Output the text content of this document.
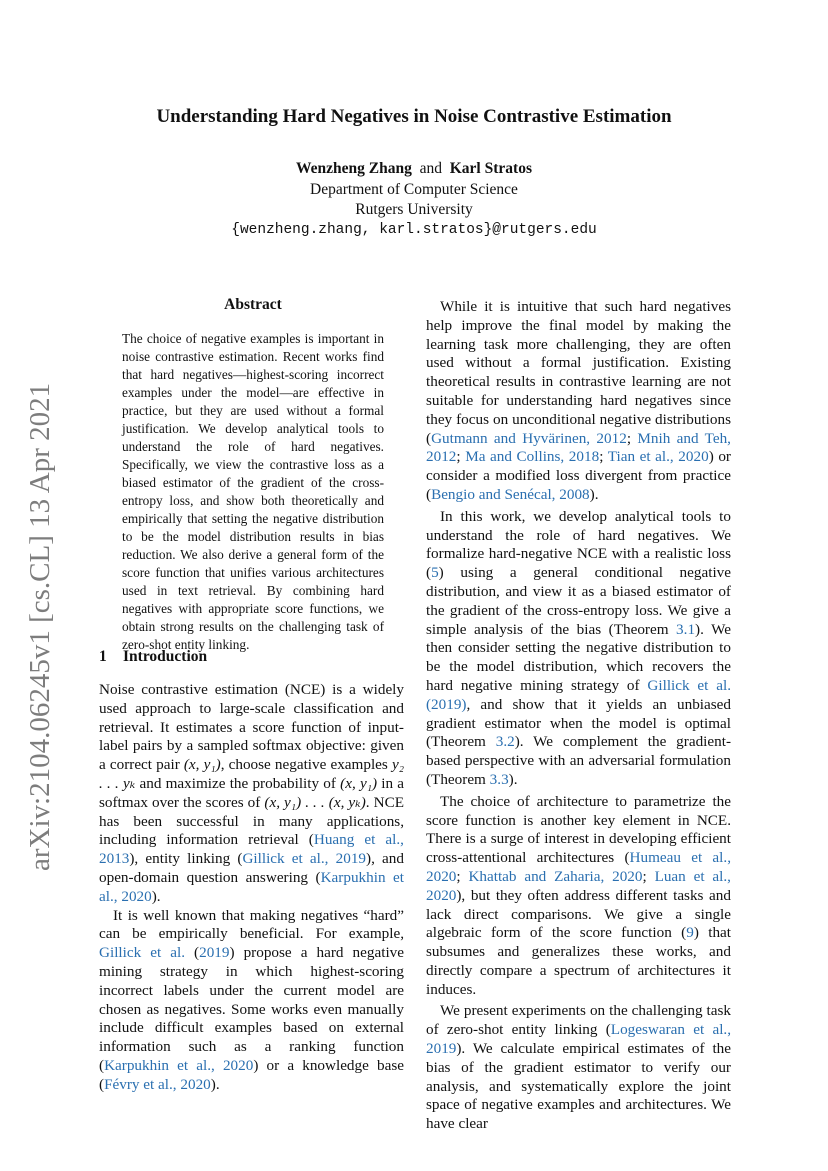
arXiv:2104.06245v1 [cs.CL] 13 Apr 2021
Understanding Hard Negatives in Noise Contrastive Estimation
Wenzheng Zhang and Karl Stratos
Department of Computer Science
Rutgers University
{wenzheng.zhang, karl.stratos}@rutgers.edu
Abstract
The choice of negative examples is important in noise contrastive estimation. Recent works find that hard negatives—highest-scoring incorrect examples under the model—are effective in practice, but they are used without a formal justification. We develop analytical tools to understand the role of hard negatives. Specifically, we view the contrastive loss as a biased estimator of the gradient of the cross-entropy loss, and show both theoretically and empirically that setting the negative distribution to be the model distribution results in bias reduction. We also derive a general form of the score function that unifies various architectures used in text retrieval. By combining hard negatives with appropriate score functions, we obtain strong results on the challenging task of zero-shot entity linking.
1 Introduction

Noise contrastive estimation (NCE) is a widely used approach to large-scale classification and retrieval. It estimates a score function of input-label pairs by a sampled softmax objective: given a correct pair (x, y₁), choose negative examples y₂ . . . yₖ and maximize the probability of (x, y₁) in a softmax over the scores of (x, y₁) . . . (x, yₖ). NCE has been successful in many applications, including information retrieval (Huang et al., 2013), entity linking (Gillick et al., 2019), and open-domain question answering (Karpukhin et al., 2020).

It is well known that making negatives “hard” can be empirically beneficial. For example, Gillick et al. (2019) propose a hard negative mining strategy in which highest-scoring incorrect labels under the current model are chosen as negatives. Some works even manually include difficult examples based on external information such as a ranking function (Karpukhin et al., 2020) or a knowledge base (Févry et al., 2020).

While it is intuitive that such hard negatives help improve the final model by making the learning task more challenging, they are often used without a formal justification. Existing theoretical results in contrastive learning are not suitable for understanding hard negatives since they focus on unconditional negative distributions (Gutmann and Hyvärinen, 2012; Mnih and Teh, 2012; Ma and Collins, 2018; Tian et al., 2020) or consider a modified loss divergent from practice (Bengio and Senécal, 2008).

In this work, we develop analytical tools to understand the role of hard negatives. We formalize hard-negative NCE with a realistic loss (5) using a general conditional negative distribution, and view it as a biased estimator of the gradient of the cross-entropy loss. We give a simple analysis of the bias (Theorem 3.1). We then consider setting the negative distribution to be the model distribution, which recovers the hard negative mining strategy of Gillick et al. (2019), and show that it yields an unbiased gradient estimator when the model is optimal (Theorem 3.2). We complement the gradient-based perspective with an adversarial formulation (Theorem 3.3).

The choice of architecture to parametrize the score function is another key element in NCE. There is a surge of interest in developing efficient cross-attentional architectures (Humeau et al., 2020; Khattab and Zaharia, 2020; Luan et al., 2020), but they often address different tasks and lack direct comparisons. We give a single algebraic form of the score function (9) that subsumes and generalizes these works, and directly compare a spectrum of architectures it induces.

We present experiments on the challenging task of zero-shot entity linking (Logeswaran et al., 2019). We calculate empirical estimates of the bias of the gradient estimator to verify our analysis, and systematically explore the joint space of negative examples and architectures. We have clear
